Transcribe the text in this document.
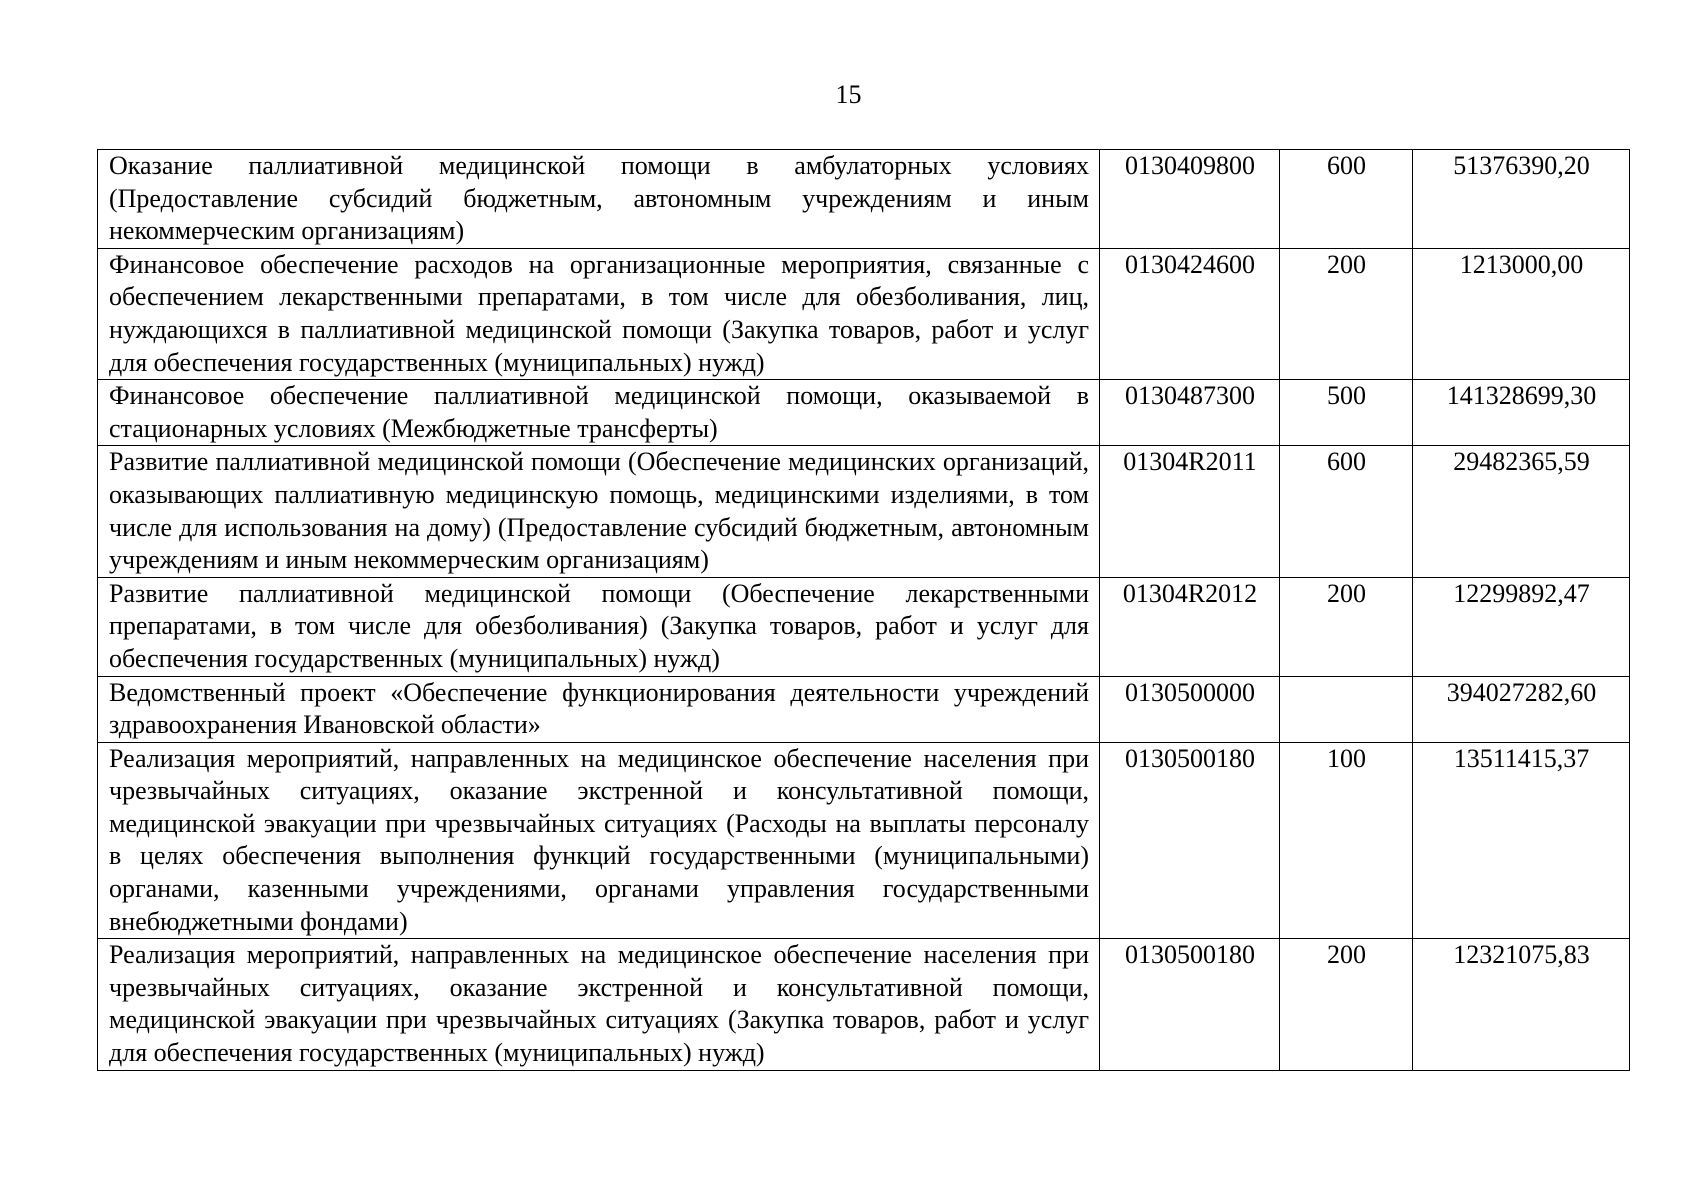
15
Оказание паллиативной медицинской помощи в амбулаторных условиях (Предоставление субсидий бюджетным, автономным учреждениям и иным некоммерческим организациям)	0130409800	600	51376390,20
Финансовое обеспечение расходов на организационные мероприятия, связанные с обеспечением лекарственными препаратами, в том числе для обезболивания, лиц, нуждающихся в паллиативной медицинской помощи (Закупка товаров, работ и услуг для обеспечения государственных (муниципальных) нужд)	0130424600	200	1213000,00
Финансовое обеспечение паллиативной медицинской помощи, оказываемой в стационарных условиях (Межбюджетные трансферты)	0130487300	500	141328699,30
Развитие паллиативной медицинской помощи (Обеспечение медицинских организаций, оказывающих паллиативную медицинскую помощь, медицинскими изделиями, в том числе для использования на дому) (Предоставление субсидий бюджетным, автономным учреждениям и иным некоммерческим организациям)	01304R2011	600	29482365,59
Развитие паллиативной медицинской помощи (Обеспечение лекарственными препаратами, в том числе для обезболивания) (Закупка товаров, работ и услуг для обеспечения государственных (муниципальных) нужд)	01304R2012	200	12299892,47
Ведомственный проект «Обеспечение функционирования деятельности учреждений здравоохранения Ивановской области»	0130500000		394027282,60
Реализация мероприятий, направленных на медицинское обеспечение населения при чрезвычайных ситуациях, оказание экстренной и консультативной помощи, медицинской эвакуации при чрезвычайных ситуациях (Расходы на выплаты персоналу в целях обеспечения выполнения функций государственными (муниципальными) органами, казенными учреждениями, органами управления государственными внебюджетными фондами)	0130500180	100	13511415,37
Реализация мероприятий, направленных на медицинское обеспечение населения при чрезвычайных ситуациях, оказание экстренной и консультативной помощи, медицинской эвакуации при чрезвычайных ситуациях (Закупка товаров, работ и услуг для обеспечения государственных (муниципальных) нужд)	0130500180	200	12321075,83
